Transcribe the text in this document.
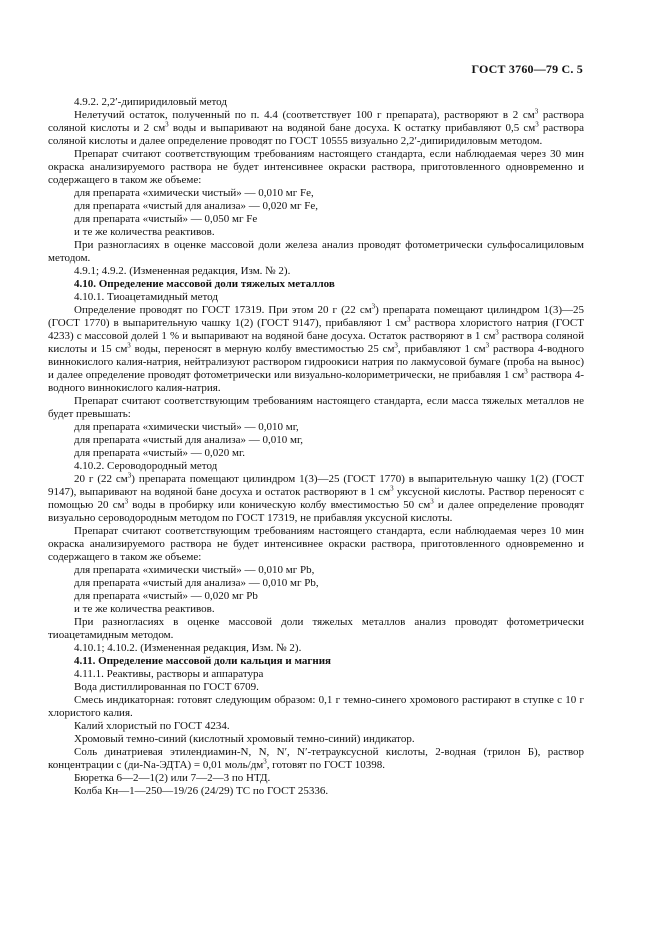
ГОСТ 3760—79 С. 5

4.9.2. 2,2′-дипиридиловый метод

Нелетучий остаток, полученный по п. 4.4 (соответствует 100 г препарата), растворяют в 2 $см^3$ раствора соляной кислоты и 2 $см^3$ воды и выпаривают на водяной бане досуха. К остатку прибавляют 0,5 $см^3$ раствора соляной кислоты и далее определение проводят по ГОСТ 10555 визуально 2,2′-дипиридиловым методом.

Препарат считают соответствующим требованиям настоящего стандарта, если наблюдаемая через 30 мин окраска анализируемого раствора не будет интенсивнее окраски раствора, приготовленного одновременно и содержащего в таком же объеме:

для препарата «химически чистый» — 0,010 мг Fe,

для препарата «чистый для анализа» — 0,020 мг Fe,

для препарата «чистый» — 0,050 мг Fe

и те же количества реактивов.

При разногласиях в оценке массовой доли железа анализ проводят фотометрически сульфосалициловым методом.

4.9.1; 4.9.2. (Измененная редакция, Изм. № 2).

4.10. Определение массовой доли тяжелых металлов

4.10.1. Тиоацетамидный метод

Определение проводят по ГОСТ 17319. При этом 20 г (22 $см^3$) препарата помещают цилиндром 1(3)—25 (ГОСТ 1770) в выпарительную чашку 1(2) (ГОСТ 9147), прибавляют 1 $см^3$ раствора хлористого натрия (ГОСТ 4233) с массовой долей 1 % и выпаривают на водяной бане досуха. Остаток растворяют в 1 $см^3$ раствора соляной кислоты и 15 $см^3$ воды, переносят в мерную колбу вместимостью 25 $см^3$, прибавляют 1 $см^3$ раствора 4-водного виннокислого калия-натрия, нейтрализуют раствором гидроокиси натрия по лакмусовой бумаге (проба на вынос) и далее определение проводят фотометрически или визуально-колориметрически, не прибавляя 1 $см^3$ раствора 4-водного виннокислого калия-натрия.

Препарат считают соответствующим требованиям настоящего стандарта, если масса тяжелых металлов не будет превышать:

для препарата «химически чистый» — 0,010 мг,

для препарата «чистый для анализа» — 0,010 мг,

для препарата «чистый» — 0,020 мг.

4.10.2. Сероводородный метод

20 г (22 $см^3$) препарата помещают цилиндром 1(3)—25 (ГОСТ 1770) в выпарительную чашку 1(2) (ГОСТ 9147), выпаривают на водяной бане досуха и остаток растворяют в 1 $см^3$ уксусной кислоты. Раствор переносят с помощью 20 $см^3$ воды в пробирку или коническую колбу вместимостью 50 $см^3$ и далее определение проводят визуально сероводородным методом по ГОСТ 17319, не прибавляя уксусной кислоты.

Препарат считают соответствующим требованиям настоящего стандарта, если наблюдаемая через 10 мин окраска анализируемого раствора не будет интенсивнее окраски раствора, приготовленного одновременно и содержащего в таком же объеме:

для препарата «химически чистый» — 0,010 мг Pb,

для препарата «чистый для анализа» — 0,010 мг Pb,

для препарата «чистый» — 0,020 мг Pb

и те же количества реактивов.

При разногласиях в оценке массовой доли тяжелых металлов анализ проводят фотометрически тиоацетамидным методом.

4.10.1; 4.10.2. (Измененная редакция, Изм. № 2).

4.11. Определение массовой доли кальция и магния

4.11.1. Реактивы, растворы и аппаратура

Вода дистиллированная по ГОСТ 6709.

Смесь индикаторная: готовят следующим образом: 0,1 г темно-синего хромового растирают в ступке с 10 г хлористого калия.

Калий хлористый по ГОСТ 4234.

Хромовый темно-синий (кислотный хромовый темно-синий) индикатор.

Соль динатриевая этилендиамин-N, N, N′, N′-тетрауксусной кислоты, 2-водная (трилон Б), раствор концентрации c (ди-Na-ЭДТА) = 0,01 моль/$дм^3$, готовят по ГОСТ 10398.

Бюретка 6—2—1(2) или 7—2—3 по НТД.

Колба Кн—1—250—19/26 (24/29) ТС по ГОСТ 25336.
